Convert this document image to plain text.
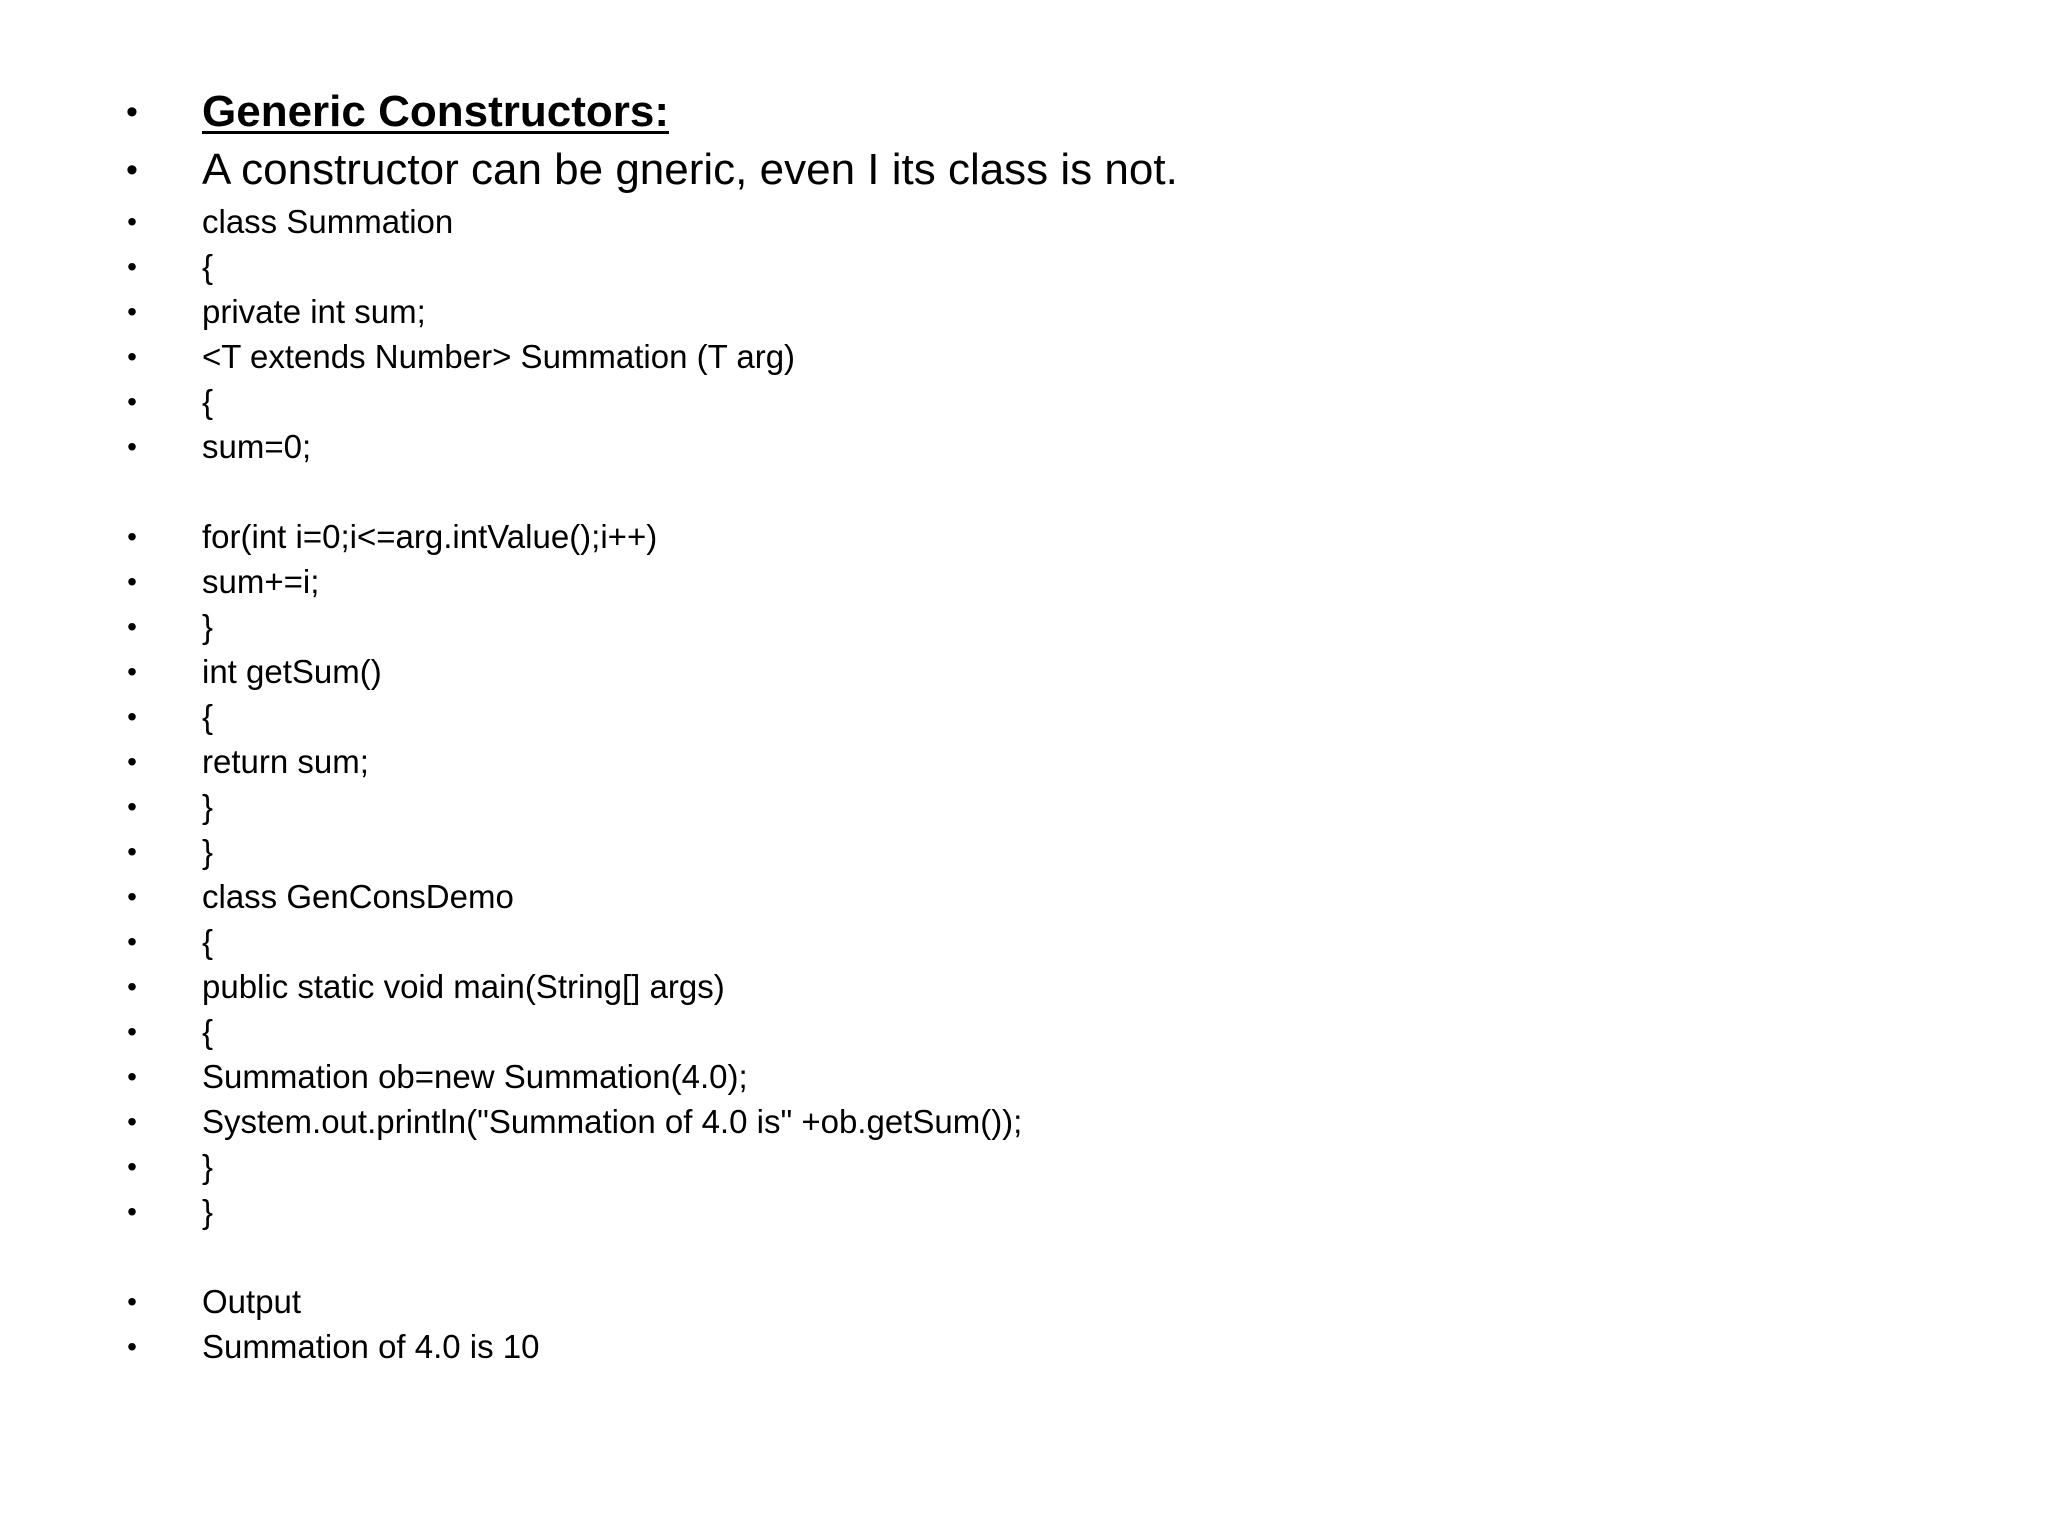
• Generic Constructors:
• A constructor can be gneric, even I its class is not.
• class Summation
• {
• private int sum;
• <T extends Number> Summation (T arg)
• {
• sum=0;
• for(int i=0;i<=arg.intValue();i++)
• sum+=i;
• }
• int getSum()
• {
• return sum;
• }
• }
• class GenConsDemo
• {
• public static void main(String[] args)
• {
• Summation ob=new Summation(4.0);
• System.out.println("Summation of 4.0 is" +ob.getSum());
• }
• }
• Output
• Summation of 4.0 is 10
